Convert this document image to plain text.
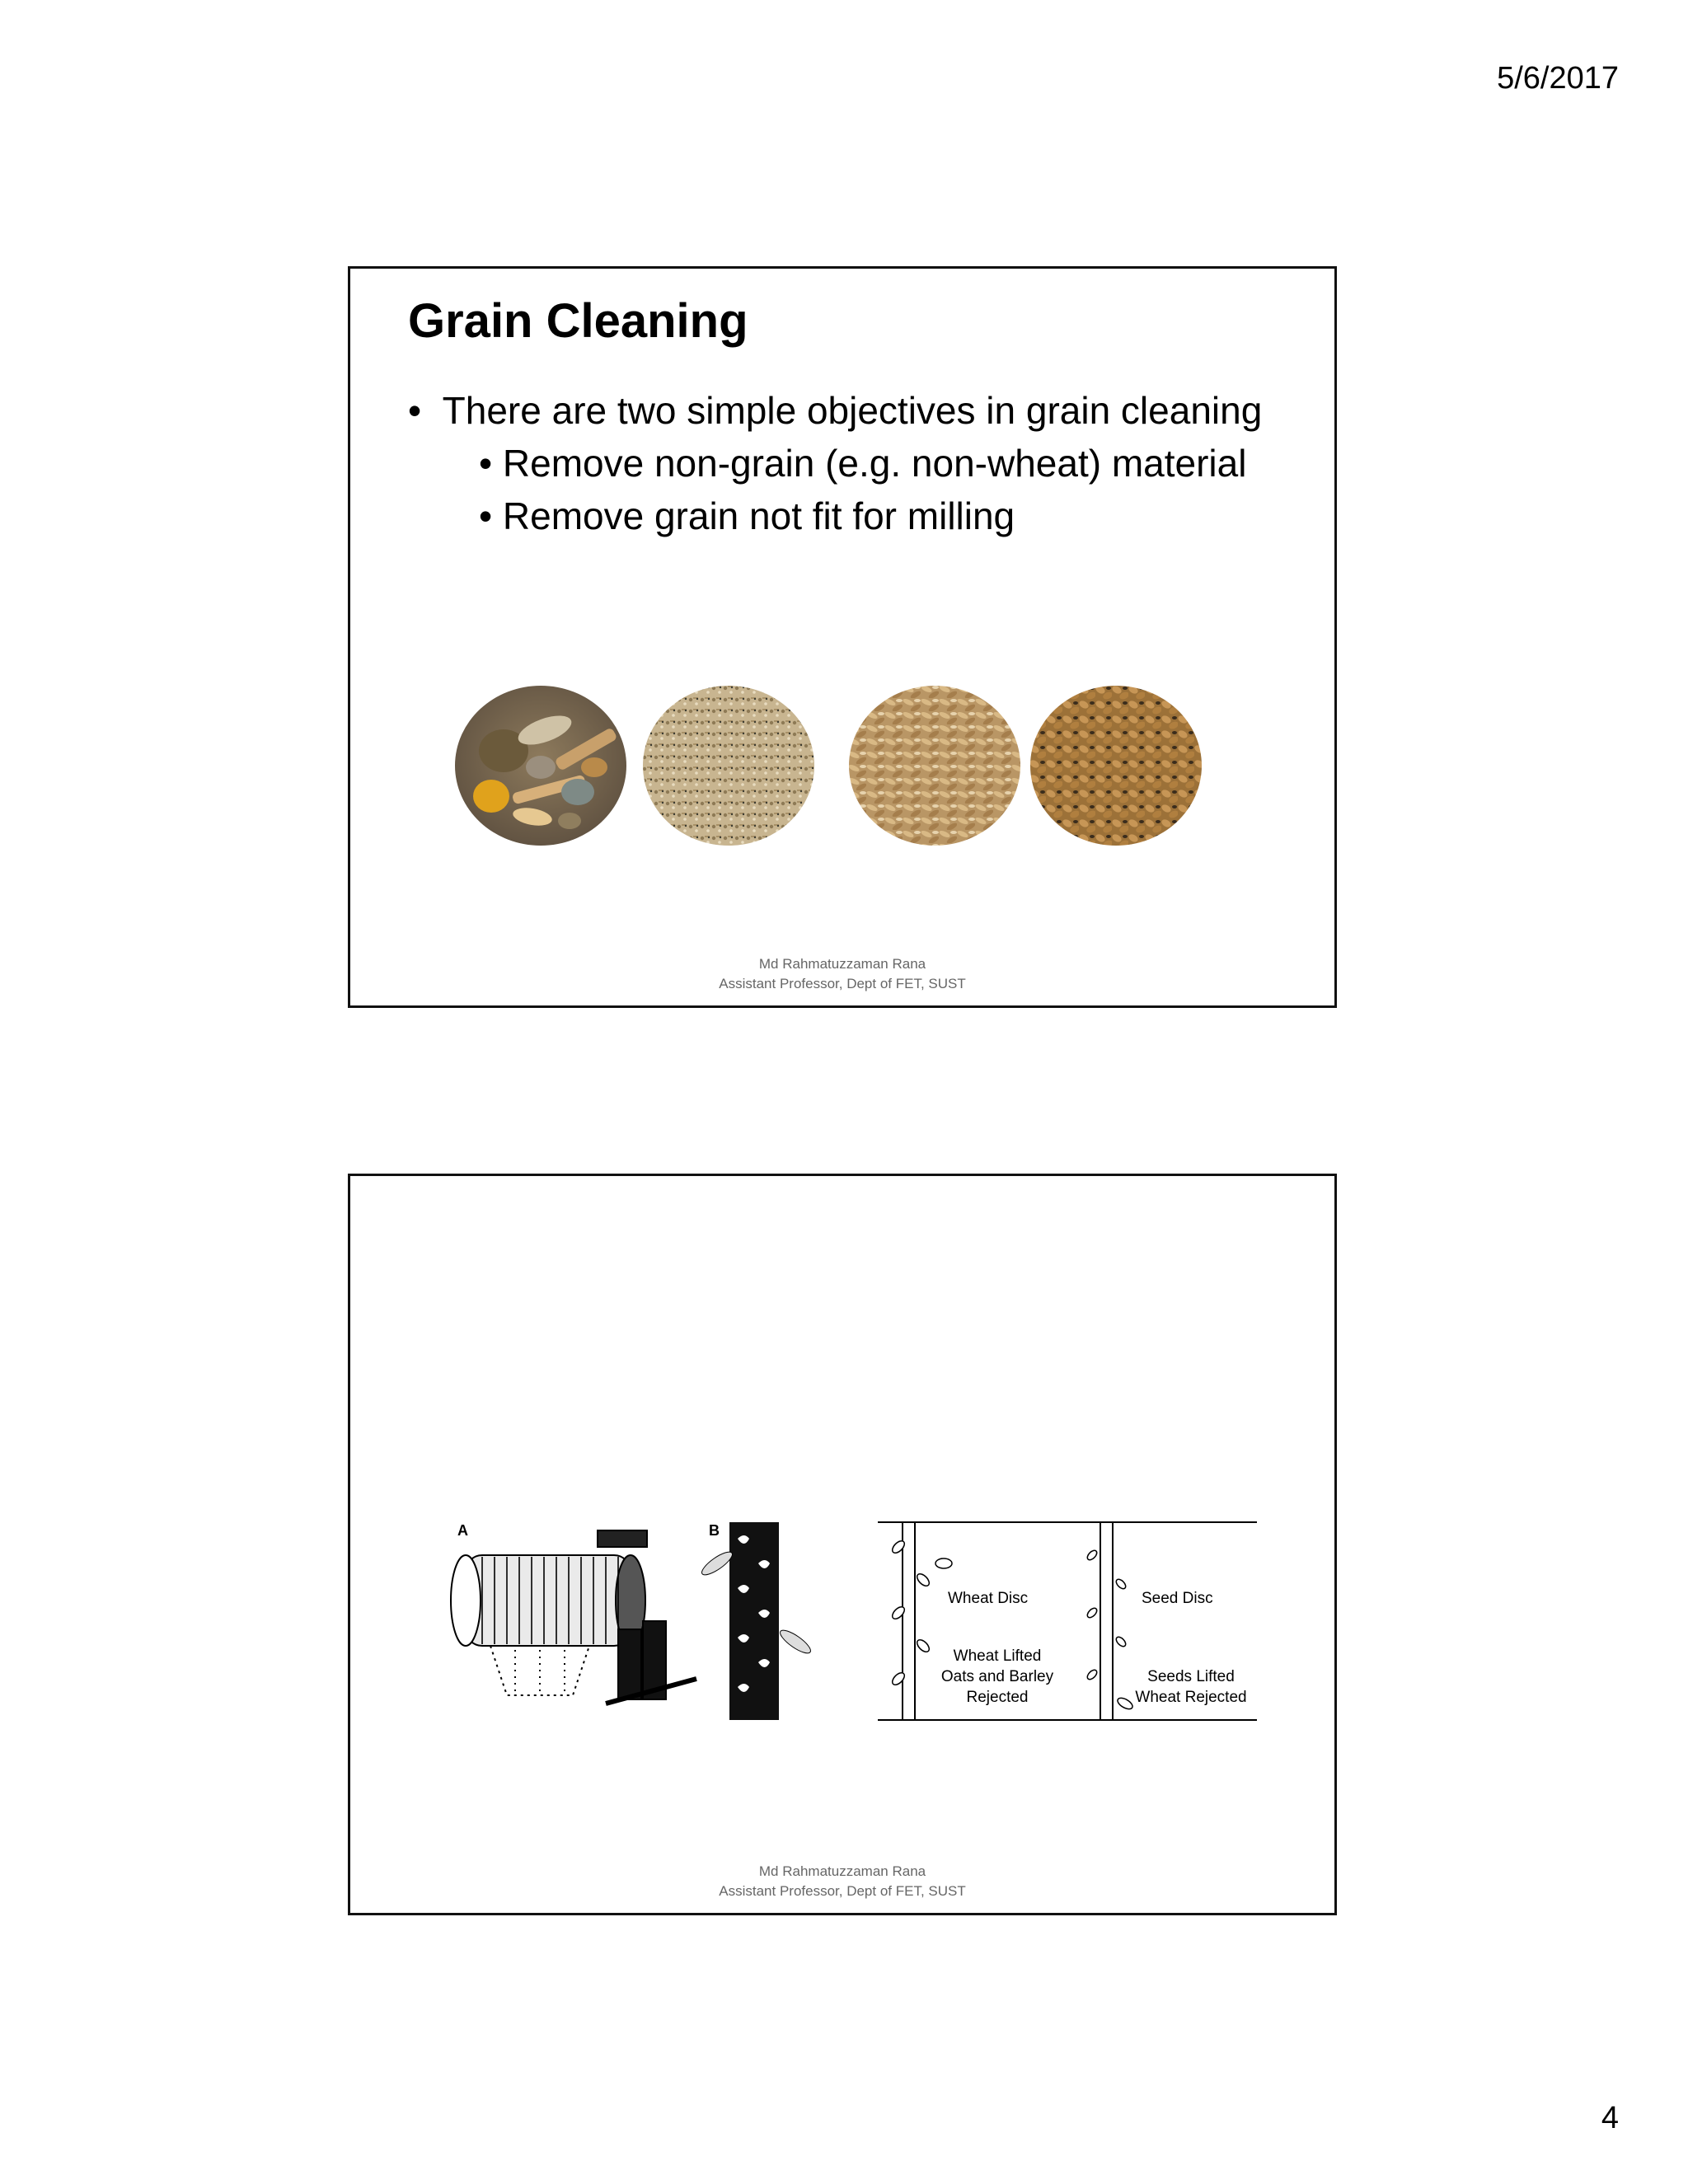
5/6/2017
Grain Cleaning
•  There are two simple objectives in grain cleaning
• Remove non-grain (e.g. non-wheat) material
• Remove grain not fit for milling
Md Rahmatuzzaman Rana
Assistant Professor, Dept of FET, SUST
A	B
Wheat Disc	Seed Disc
Wheat Lifted
Oats and Barley
Rejected
Seeds Lifted
Wheat Rejected
Md Rahmatuzzaman Rana
Assistant Professor, Dept of FET, SUST
4
